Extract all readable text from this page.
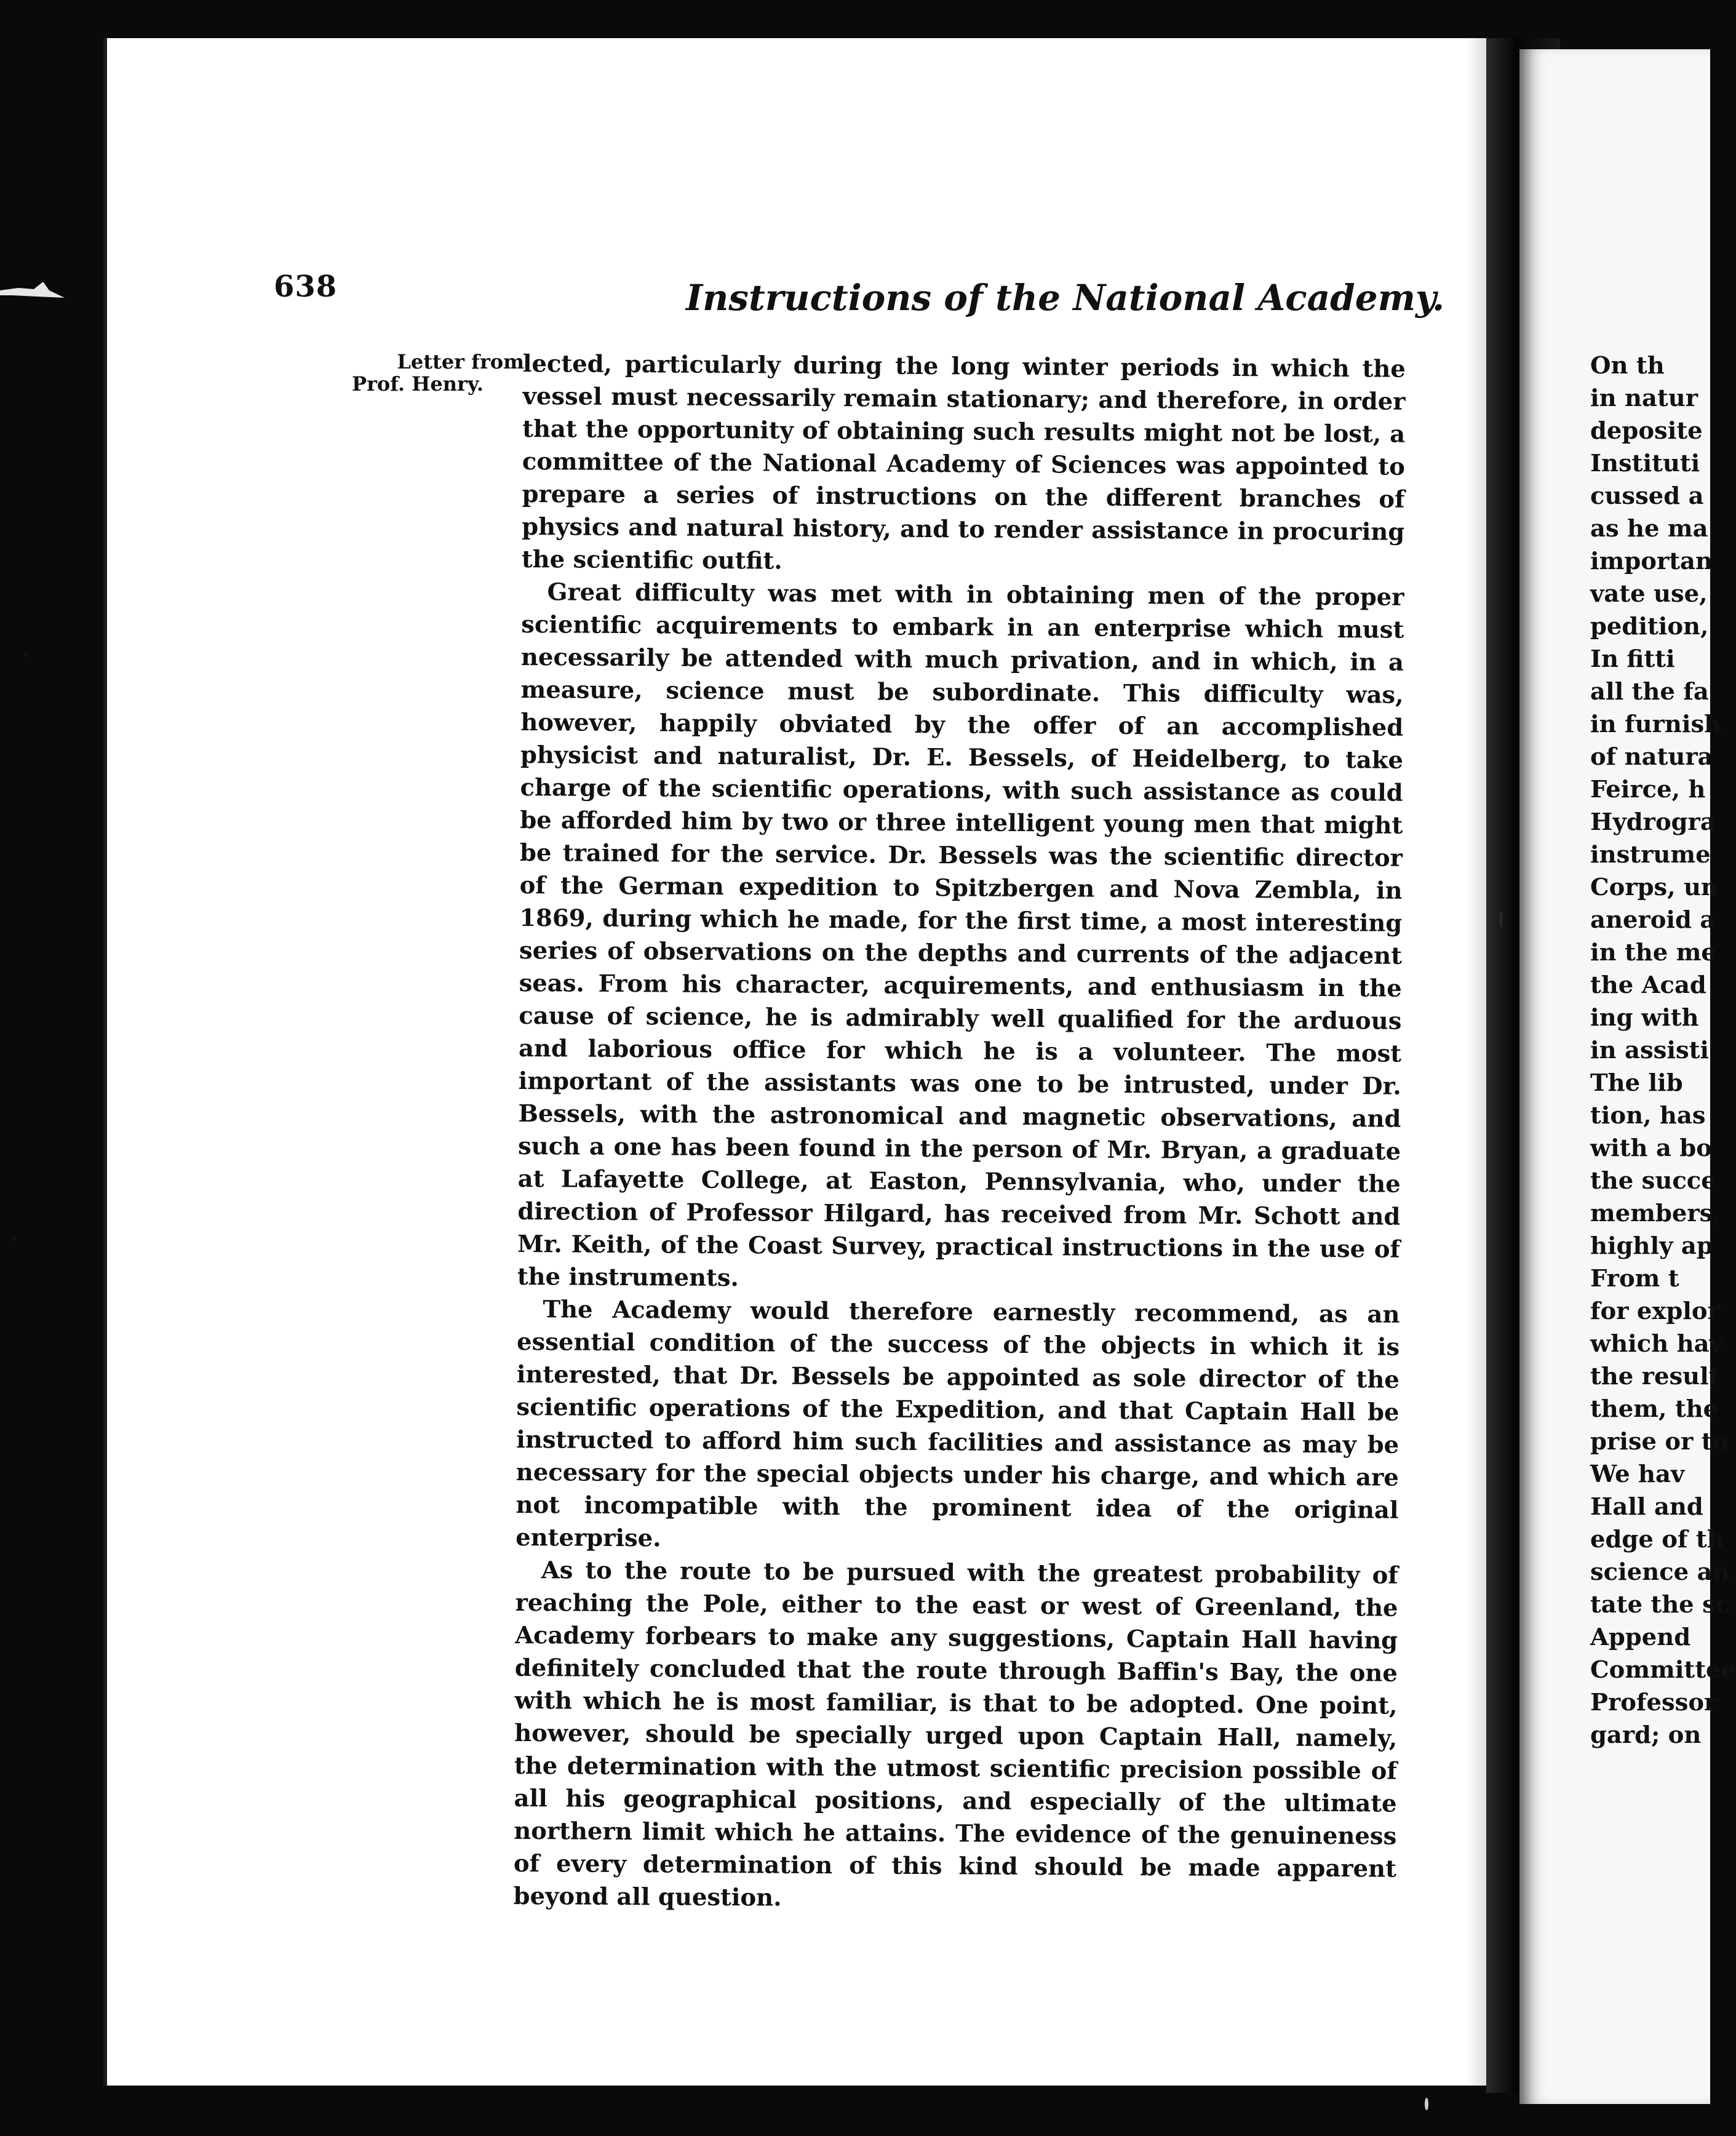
638	Instructions of the National Academy.
Letter from
Prof. Henry.

lected, particularly during the long winter periods in which the vessel must necessarily remain stationary; and therefore, in order that the opportunity of obtaining such results might not be lost, a committee of the National Academy of Sciences was appointed to prepare a series of instructions on the different branches of physics and natural history, and to render assistance in procuring the scientific outfit.

Great difficulty was met with in obtaining men of the proper scientific acquirements to embark in an enterprise which must necessarily be attended with much privation, and in which, in a measure, science must be subordinate. This difficulty was, however, happily obviated by the offer of an accomplished physicist and naturalist, Dr. E. Bessels, of Heidelberg, to take charge of the scientific operations, with such assistance as could be afforded him by two or three intelligent young men that might be trained for the service. Dr. Bessels was the scientific director of the German expedition to Spitzbergen and Nova Zembla, in 1869, during which he made, for the first time, a most interesting series of observations on the depths and currents of the adjacent seas. From his character, acquirements, and enthusiasm in the cause of science, he is admirably well qualified for the arduous and laborious office for which he is a volunteer. The most important of the assistants was one to be intrusted, under Dr. Bessels, with the astronomical and magnetic observations, and such a one has been found in the person of Mr. Bryan, a graduate at Lafayette College, at Easton, Pennsylvania, who, under the direction of Professor Hilgard, has received from Mr. Schott and Mr. Keith, of the Coast Survey, practical instructions in the use of the instruments.

The Academy would therefore earnestly recommend, as an essential condition of the success of the objects in which it is interested, that Dr. Bessels be appointed as sole director of the scientific operations of the Expedition, and that Captain Hall be instructed to afford him such facilities and assistance as may be necessary for the special objects under his charge, and which are not incompatible with the prominent idea of the original enterprise.

As to the route to be pursued with the greatest probability of reaching the Pole, either to the east or west of Greenland, the Academy forbears to make any suggestions, Captain Hall having definitely concluded that the route through Baffin's Bay, the one with which he is most familiar, is that to be adopted. One point, however, should be specially urged upon Captain Hall, namely, the determination with the utmost scientific precision possible of all his geographical positions, and especially of the ultimate northern limit which he attains. The evidence of the genuineness of every determination of this kind should be made apparent beyond all question.

On th
in natur
deposite
Instituti
cussed a
as he ma
importan
vate use,
pedition,
In fitti
all the fa
in furnish
of natura
Feirce, h
Hydrogra
instrume
Corps, un
aneroid a
in the me
the Acad
ing with
in assisti
The lib
tion, has
with a bo
the succe
members,
highly ap
From t
for explor
which hav
the result
them, the
prise or to
We hav
Hall and
edge of th
science an
tate the sc
Append
Committee
Professor
gard; on
